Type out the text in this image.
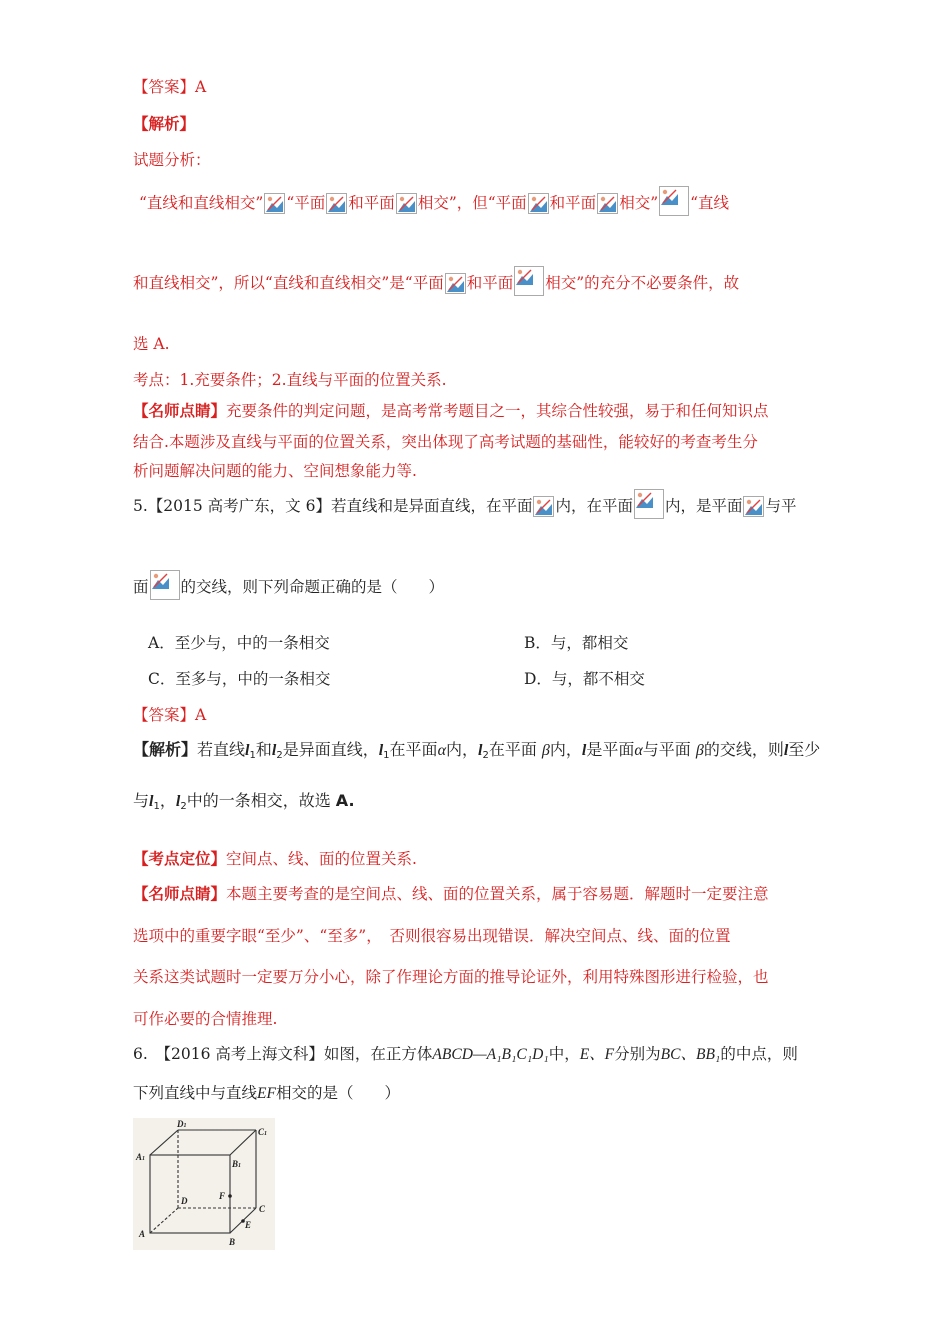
【答案】A
【解析】
试题分析：
“直线和直线相交” “平面 和平面 相交”，但“平面 和平面 相交” “直线
和直线相交”，所以“直线和直线相交”是“平面 和平面 相交”的充分不必要条件，故
选 A.
考点：1.充要条件；2.直线与平面的位置关系.
【名师点睛】充要条件的判定问题，是高考常考题目之一，其综合性较强，易于和任何知识点
结合.本题涉及直线与平面的位置关系，突出体现了高考试题的基础性，能较好的考查考生分
析问题解决问题的能力、空间想象能力等.
5.【2015 高考广东，文 6】若直线和是异面直线，在平面 内，在平面 内，是平面 与平
面 的交线，则下列命题正确的是（　　）
A．至少与，中的一条相交	B．与，都相交
C．至多与，中的一条相交	D．与，都不相交
【答案】A
【解析】若直线$l_1$和$l_2$是异面直线，$l_1$在平面α内，$l_2$在平面 β内，l是平面α与平面 β的交线，则l至少
与$l_1$，$l_2$中的一条相交，故选 A.
【考点定位】空间点、线、面的位置关系.
【名师点睛】本题主要考查的是空间点、线、面的位置关系，属于容易题．解题时一定要注意
选项中的重要字眼“至少”、“至多”，　否则很容易出现错误．解决空间点、线、面的位置
关系这类试题时一定要万分小心，除了作理论方面的推导论证外，利用特殊图形进行检验，也
可作必要的合情推理.
6.　【2016 高考上海文科】如图，在正方体ABCD—A₁B₁C₁D₁中，E、F分别为BC、BB₁的中点，则
下列直线中与直线EF相交的是（　　）
D1
C1
A1	B1
D	F
C
E
A
B
